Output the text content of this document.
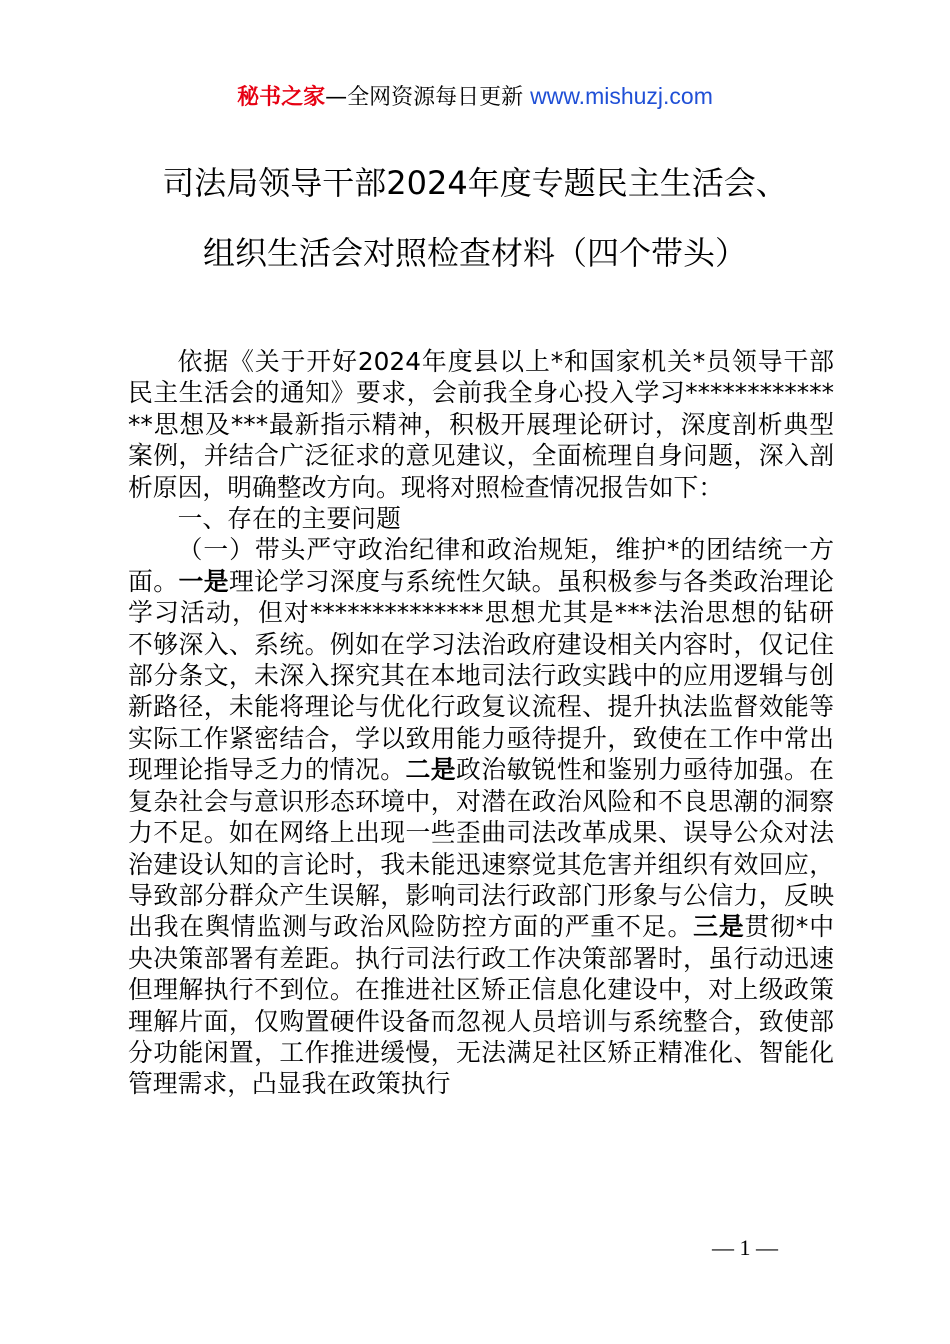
秘书之家—全网资源每日更新 www.mishuzj.com
司法局领导干部2024年度专题民主生活会、
组织生活会对照检查材料（四个带头）

依据《关于开好2024年度县以上*和国家机关*员领导干部民主生活会的通知》要求，会前我全身心投入学习**************思想及***最新指示精神，积极开展理论研讨，深度剖析典型案例，并结合广泛征求的意见建议，全面梳理自身问题，深入剖析原因，明确整改方向。现将对照检查情况报告如下：

一、存在的主要问题

（一）带头严守政治纪律和政治规矩，维护*的团结统一方面。一是理论学习深度与系统性欠缺。虽积极参与各类政治理论学习活动，但对**************思想尤其是***法治思想的钻研不够深入、系统。例如在学习法治政府建设相关内容时，仅记住部分条文，未深入探究其在本地司法行政实践中的应用逻辑与创新路径，未能将理论与优化行政复议流程、提升执法监督效能等实际工作紧密结合，学以致用能力亟待提升，致使在工作中常出现理论指导乏力的情况。二是政治敏锐性和鉴别力亟待加强。在复杂社会与意识形态环境中，对潜在政治风险和不良思潮的洞察力不足。如在网络上出现一些歪曲司法改革成果、误导公众对法治建设认知的言论时，我未能迅速察觉其危害并组织有效回应，导致部分群众产生误解，影响司法行政部门形象与公信力，反映出我在舆情监测与政治风险防控方面的严重不足。三是贯彻*中央决策部署有差距。执行司法行政工作决策部署时，虽行动迅速但理解执行不到位。在推进社区矫正信息化建设中，对上级政策理解片面，仅购置硬件设备而忽视人员培训与系统整合，致使部分功能闲置，工作推进缓慢，无法满足社区矫正精准化、智能化管理需求，凸显我在政策执行

— 1 —
